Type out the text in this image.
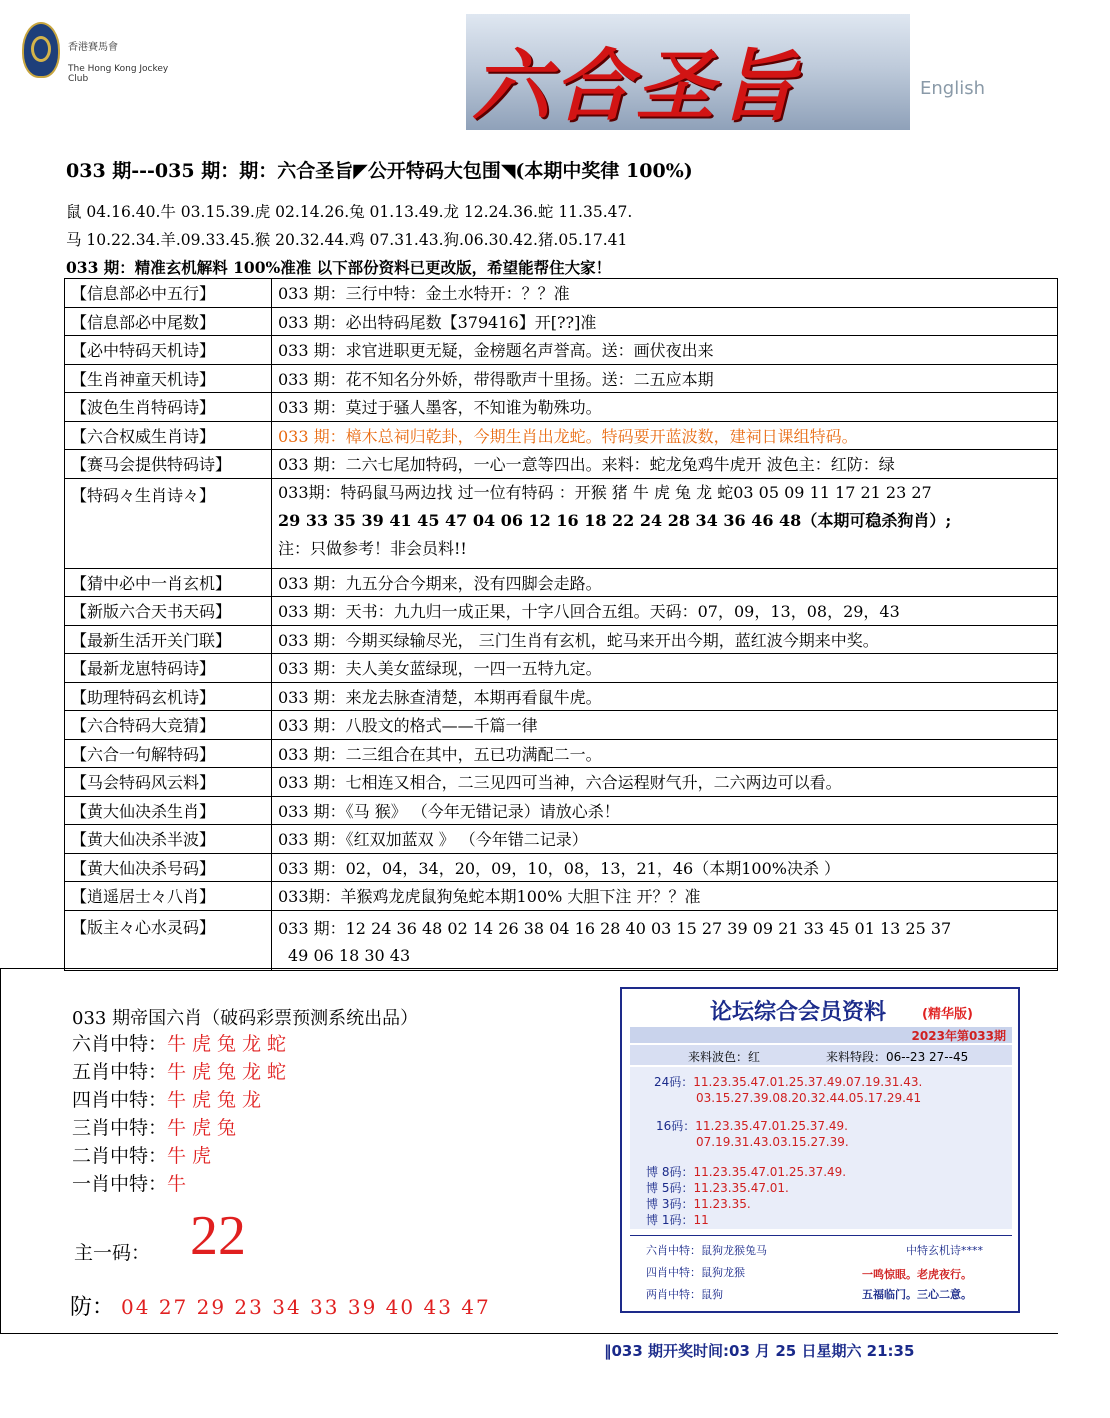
香港賽馬會
The Hong Kong Jockey Club	六合圣旨	English
033 期---035 期：期：六合圣旨◤公开特码大包围◥(本期中奖律 100%)
鼠 04.16.40.牛 03.15.39.虎 02.14.26.兔 01.13.49.龙 12.24.36.蛇 11.35.47.
马 10.22.34.羊.09.33.45.猴 20.32.44.鸡 07.31.43.狗.06.30.42.猪.05.17.41
033 期：精准玄机解料 100%准准 以下部份资料已更改版，希望能帮住大家！
【信息部必中五行】	033 期：三行中特：金土水特开：？？准
【信息部必中尾数】	033 期：必出特码尾数【379416】开[??]准
【必中特码天机诗】	033 期：求官进职更无疑，金榜题名声誉高。送：画伏夜出来
【生肖神童天机诗】	033 期：花不知名分外娇，带得歌声十里扬。送：二五应本期
【波色生肖特码诗】	033 期：莫过于骚人墨客，不知谁为勒殊功。
【六合权威生肖诗】	033 期：樟木总祠归乾卦，今期生肖出龙蛇。特码要开蓝波数，建祠日课组特码。
【赛马会提供特码诗】	033 期：二六七尾加特码，一心一意等四出。来料：蛇龙兔鸡牛虎开 波色主：红防：绿
【特码々生肖诗々】	033期：特码鼠马两边找 过一位有特码 ：开猴 猪 牛 虎 兔 龙 蛇03 05 09 11 17 21 23 27
29 33 35 39 41 45 47 04 06 12 16 18 22 24 28 34 36 46 48（本期可稳杀狗肖）;
注：只做参考！非会员料!!

【猜中必中一肖玄机】	033 期：九五分合今期来，没有四脚会走路。
【新版六合天书天码】	033 期：天书：九九归一成正果，十字八回合五组。天码：07，09，13，08，29，43
【最新生活开关门联】	033 期：今期买绿输尽光， 三门生肖有玄机，蛇马来开出今期，蓝红波今期来中奖。
【最新龙崽特码诗】	033 期：夫人美女蓝绿现，一四一五特九定。
【助理特码玄机诗】	033 期：来龙去脉查清楚，本期再看鼠牛虎。
【六合特码大竞猜】	033 期：八股文的格式——千篇一律
【六合一句解特码】	033 期：二三组合在其中，五已功满配二一。
【马会特码风云料】	033 期：七相连又相合，二三见四可当神，六合运程财气升，二六两边可以看。
【黄大仙决杀生肖】	033 期：《马 猴》 （今年无错记录）请放心杀！
【黄大仙决杀半波】	033 期：《红双加蓝双 》 （今年错二记录）
【黄大仙决杀号码】	033 期：02，04，34，20，09，10，08，13，21，46（本期100%决杀 ）
【逍遥居士々八肖】	033期：羊猴鸡龙虎鼠狗兔蛇本期100% 大胆下注 开？？准
【版主々心水灵码】	033 期：12 24 36 48 02 14 26 38 04 16 28 40 03 15 27 39 09 21 33 45 01 13 25 37
49 06 18 30 43
033 期帝国六肖（破码彩票预测系统出品）
六肖中特：牛虎兔龙蛇
五肖中特：牛虎兔龙蛇
四肖中特：牛虎兔龙
三肖中特：牛虎兔
二肖中特：牛虎
一肖中特：牛
主一码： 22
防： 04 27 29 23 34 33 39 40 43 47
论坛综合会员资料	(精华版)
2023年第033期
来料波色：红	来料特段：06--23 27--45
24码：11.23.35.47.01.25.37.49.07.19.31.43.
03.15.27.39.08.20.32.44.05.17.29.41
16码：11.23.35.47.01.25.37.49.
07.19.31.43.03.15.27.39.
博 8码：11.23.35.47.01.25.37.49.
博 5码：11.23.35.47.01.
博 3码：11.23.35.
博 1码：11
六肖中特：鼠狗龙猴兔马
四肖中特：鼠狗龙猴
两肖中特：鼠狗
中特玄机诗****
一鸣惊眼。老虎夜行。
五福临门。三心二意。
‖033 期开奖时间:03 月 25 日星期六 21:35
